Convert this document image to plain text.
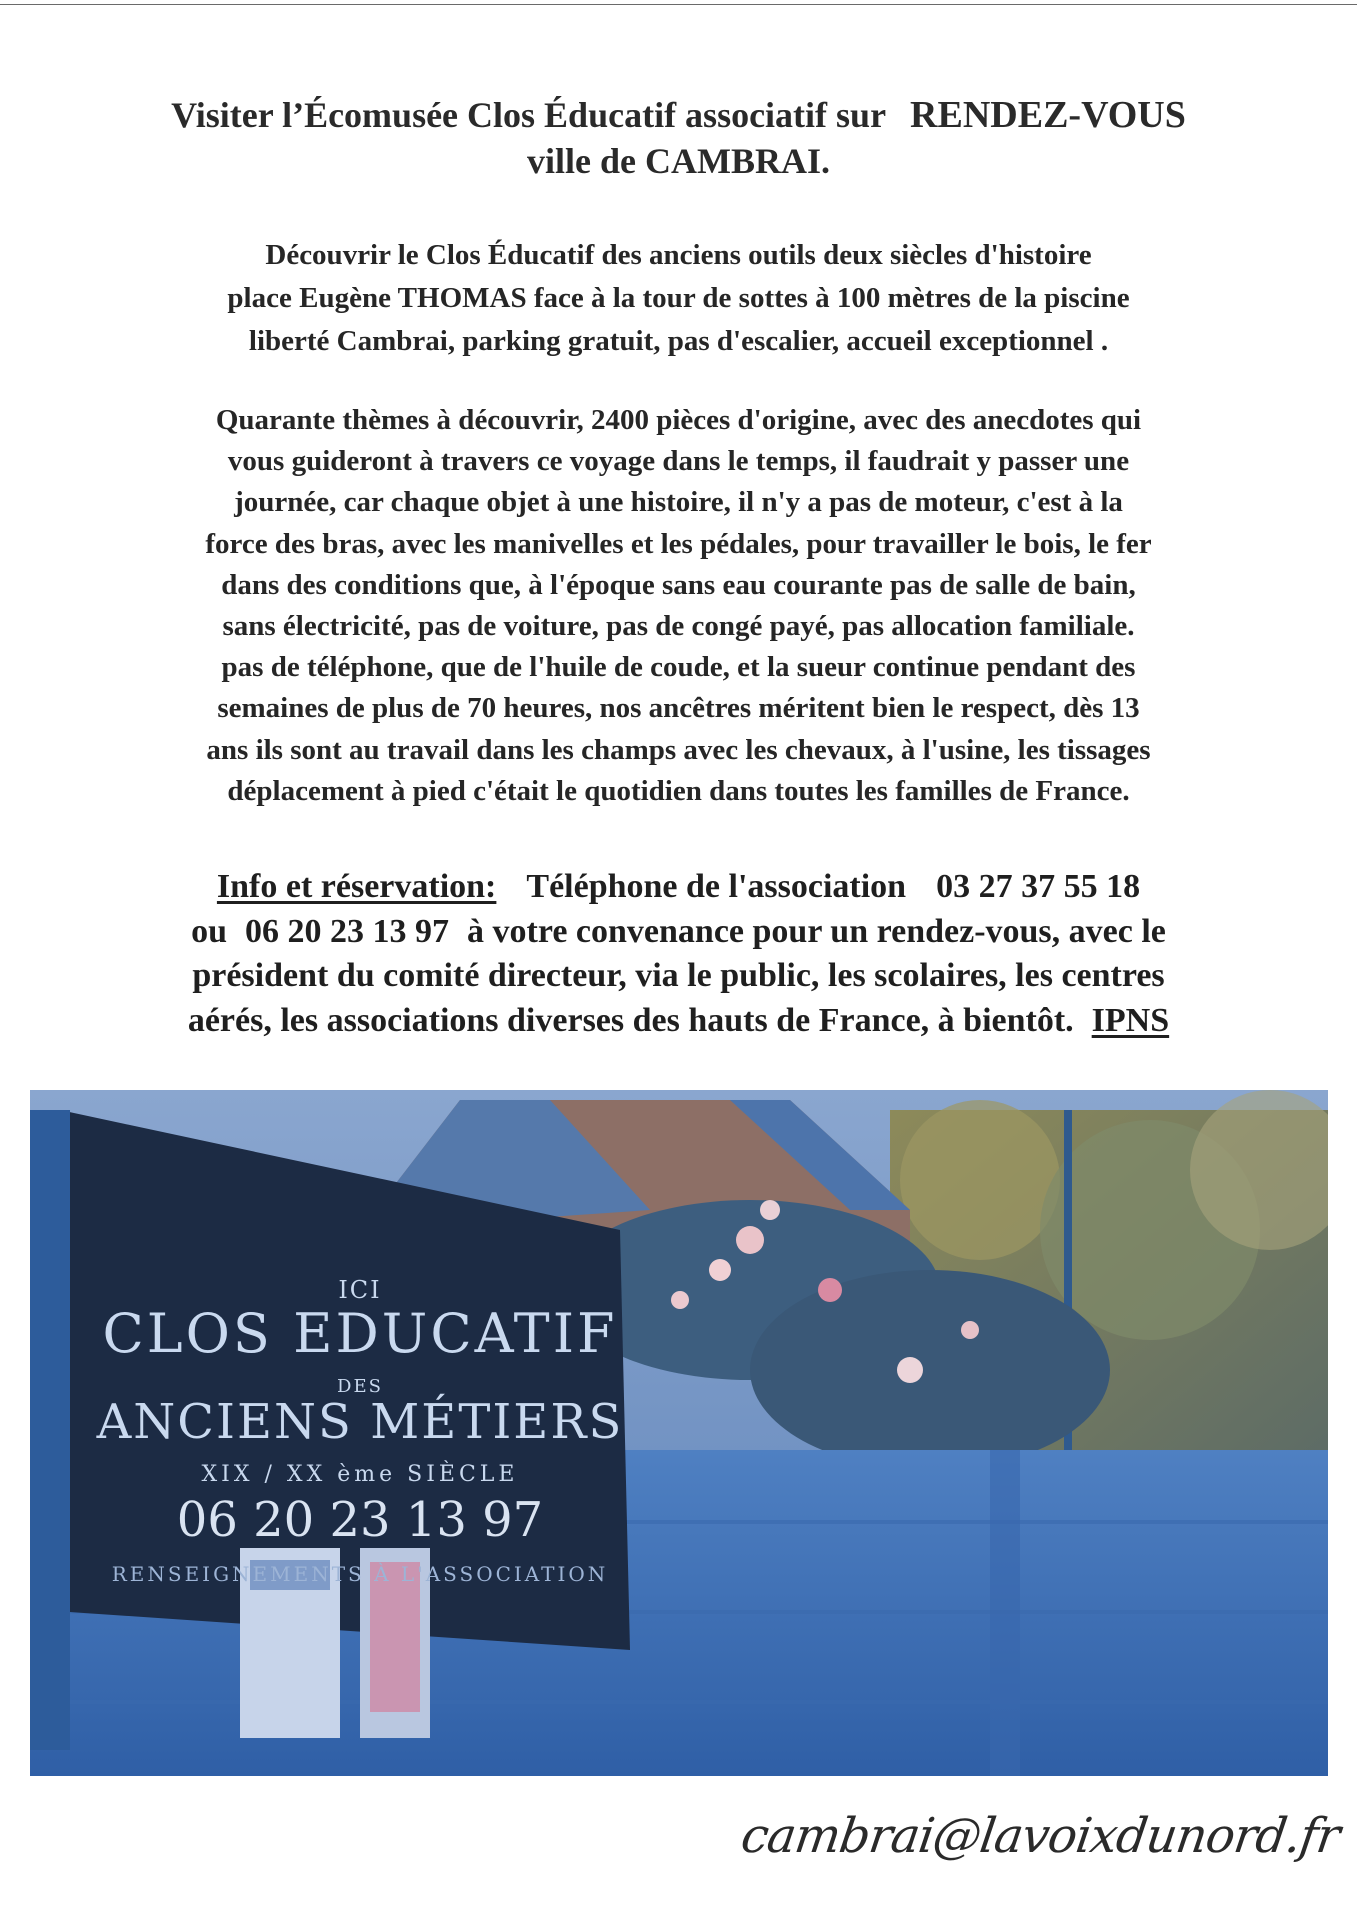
Visiter l’Écomusée Clos Éducatif associatif sur RENDEZ-VOUS
ville de CAMBRAI.

Découvrir le Clos Éducatif des anciens outils deux siècles d'histoire
place Eugène THOMAS face à la tour de sottes à 100 mètres de la piscine
liberté Cambrai, parking gratuit, pas d'escalier, accueil exceptionnel .

Quarante thèmes à découvrir, 2400 pièces d'origine, avec des anecdotes qui
vous guideront à travers ce voyage dans le temps, il faudrait y passer une
journée, car chaque objet à une histoire, il n'y a pas de moteur, c'est à la
force des bras, avec les manivelles et les pédales, pour travailler le bois, le fer
dans des conditions que, à l'époque sans eau courante pas de salle de bain,
sans électricité, pas de voiture, pas de congé payé, pas allocation familiale.
pas de téléphone, que de l'huile de coude, et la sueur continue pendant des
semaines de plus de 70 heures, nos ancêtres méritent bien le respect, dès 13
ans ils sont au travail dans les champs avec les chevaux, à l'usine, les tissages
déplacement à pied c'était le quotidien dans toutes les familles de France.

Info et réservation: Téléphone de l'association 03 27 37 55 18
ou 06 20 23 13 97 à votre convenance pour un rendez-vous, avec le
président du comité directeur, via le public, les scolaires, les centres
aérés, les associations diverses des hauts de France, à bientôt. IPNS

ICI
CLOS EDUCATIF
DES
ANCIENS MÉTIERS
XIX / XX ème SIÈCLE
06 20 23 13 97
RENSEIGNEMENTS À L'ASSOCIATION
cambrai@lavoixdunord.fr
